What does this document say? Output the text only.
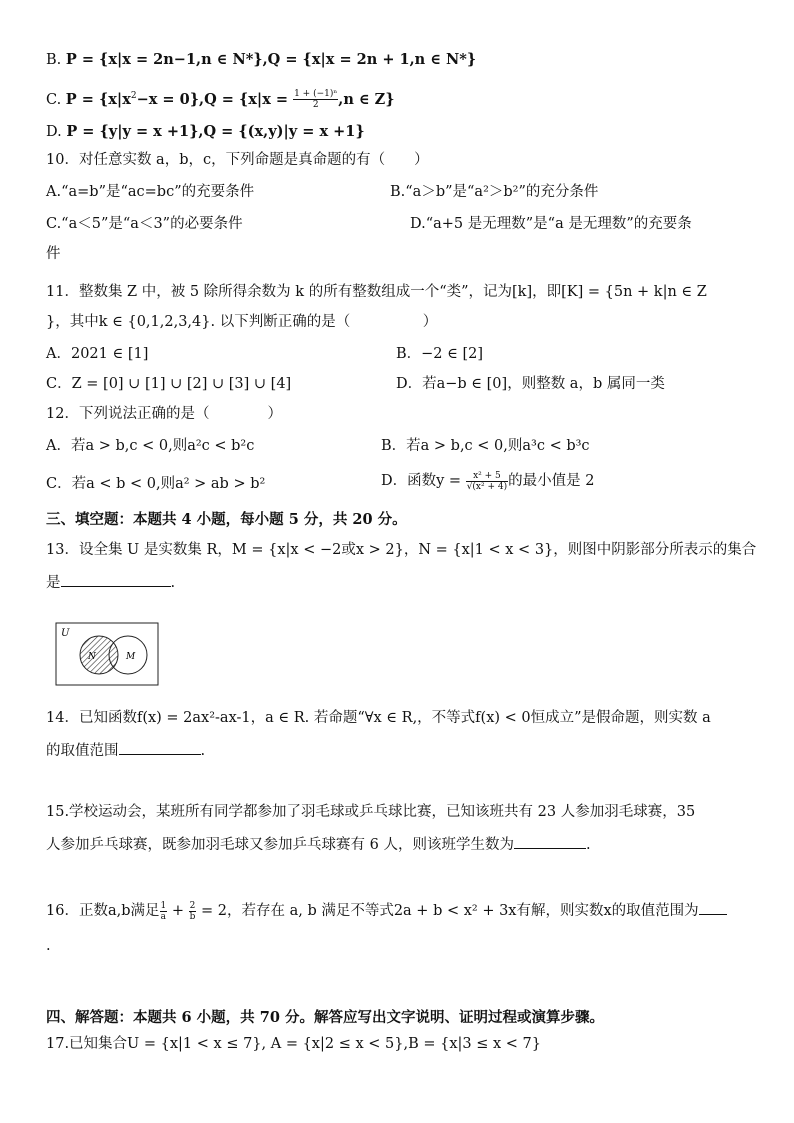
B. P = {x|x = 2n−1,n ∈ N*},Q = {x|x = 2n + 1,n ∈ N*}
C. $P = \{x|x^2-x = 0\},Q = \{x|x = \frac{\text{1 + (−1)ⁿ}}{2} ,n$ ∈ Z}
D. P = {y|y = x +1},Q = {(x,y)|y = x +1}
10．对任意实数 a，b，c，下列命题是真命题的有（　　）
A.“a=b”是“ac=bc”的充要条件	B.“a＞b”是“a²＞b²”的充分条件
C.“a＜5”是“a＜3”的必要条件	D.“a+5 是无理数”是“a 是无理数”的充要条
件
11．整数集 Z 中，被 5 除所得余数为 k 的所有整数组成一个“类”，记为[k]，即[K] = {5n + k|n ∈ Z
}，其中k ∈ {0,1,2,3,4}. 以下判断正确的是（　　　　　）
A．2021 ∈ [1]	B．−2 ∈ [2]
C．Z = [0] ∪ [1] ∪ [2] ∪ [3] ∪ [4]	D．若a−b ∈ [0]，则整数 a，b 属同一类
12．下列说法正确的是（　　　　）
A．若a > b,c < 0,则a²c < b²c	B．若a > b,c < 0,则a³c < b³c
C．若a < b < 0,则a² > ab > b²	D．函数$y = \frac{\text{x² + 5}}{\text{√(x² + 4)}}$ 的最小值是 2
三、填空题：本题共 4 小题，每小题 5 分，共 20 分。
13．设全集 U 是实数集 R，M = {x|x < −2或x > 2}，N = {x|1 < x < 3}，则图中阴影部分所表示的集合
是	.
U
N	M
14．已知函数f(x) = 2ax²-ax-1，a ∈ R. 若命题“∀x ∈ R,，不等式f(x) < 0恒成立”是假命题，则实数 a
的取值范围	.
15.学校运动会，某班所有同学都参加了羽毛球或乒乓球比赛，已知该班共有 23 人参加羽毛球赛，35
人参加乒乓球赛，既参加羽毛球又参加乒乓球赛有 6 人，则该班学生数为	.
16．正数a,b满足 $\frac{1}{a} + \frac{2}{b} = 2$，若存在 a, b 满足不等式2a + b < x² + 3x有解，则实数x的取值范围为
.
四、解答题：本题共 6 小题，共 70 分。解答应写出文字说明、证明过程或演算步骤。
17.已知集合U = {x|1 < x ≤ 7}, A = {x|2 ≤ x < 5},B = {x|3 ≤ x < 7}
